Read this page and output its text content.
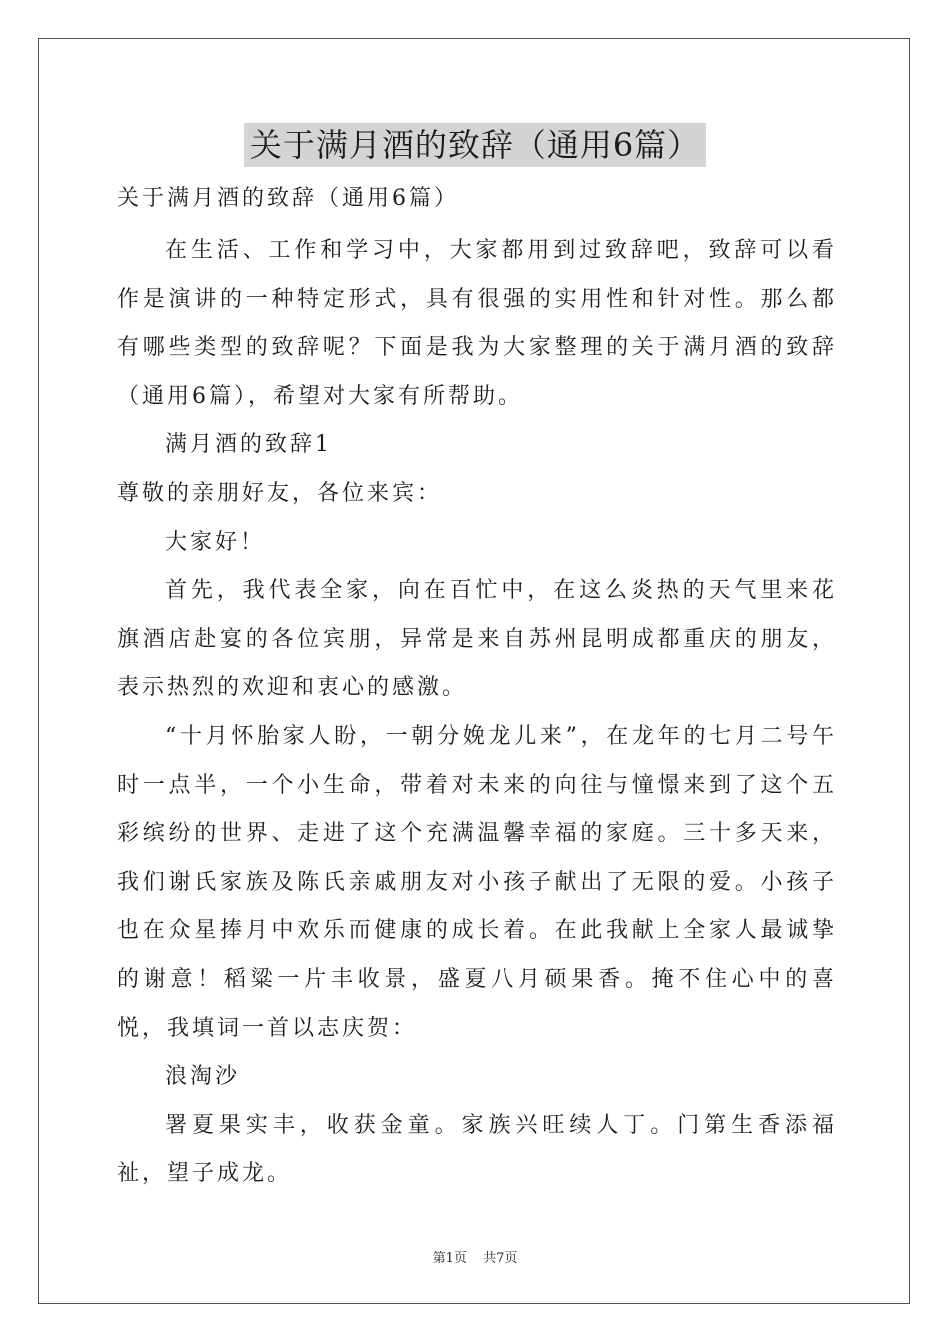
关于满月酒的致辞（通用6篇）

关于满月酒的致辞（通用6篇）

在生活、工作和学习中，大家都用到过致辞吧，致辞可以看作是演讲的一种特定形式，具有很强的实用性和针对性。那么都有哪些类型的致辞呢？下面是我为大家整理的关于满月酒的致辞（通用6篇），希望对大家有所帮助。

满月酒的致辞1

尊敬的亲朋好友，各位来宾：

大家好！

首先，我代表全家，向在百忙中，在这么炎热的天气里来花旗酒店赴宴的各位宾朋，异常是来自苏州昆明成都重庆的朋友，表示热烈的欢迎和衷心的感激。

“十月怀胎家人盼，一朝分娩龙儿来”，在龙年的七月二号午时一点半，一个小生命，带着对未来的向往与憧憬来到了这个五彩缤纷的世界、走进了这个充满温馨幸福的家庭。三十多天来，我们谢氏家族及陈氏亲戚朋友对小孩子献出了无限的爱。小孩子也在众星捧月中欢乐而健康的成长着。在此我献上全家人最诚挚的谢意！稻粱一片丰收景，盛夏八月硕果香。掩不住心中的喜悦，我填词一首以志庆贺：

浪淘沙

署夏果实丰，收获金童。家族兴旺续人丁。门第生香添福祉，望子成龙。

第1页 共7页
